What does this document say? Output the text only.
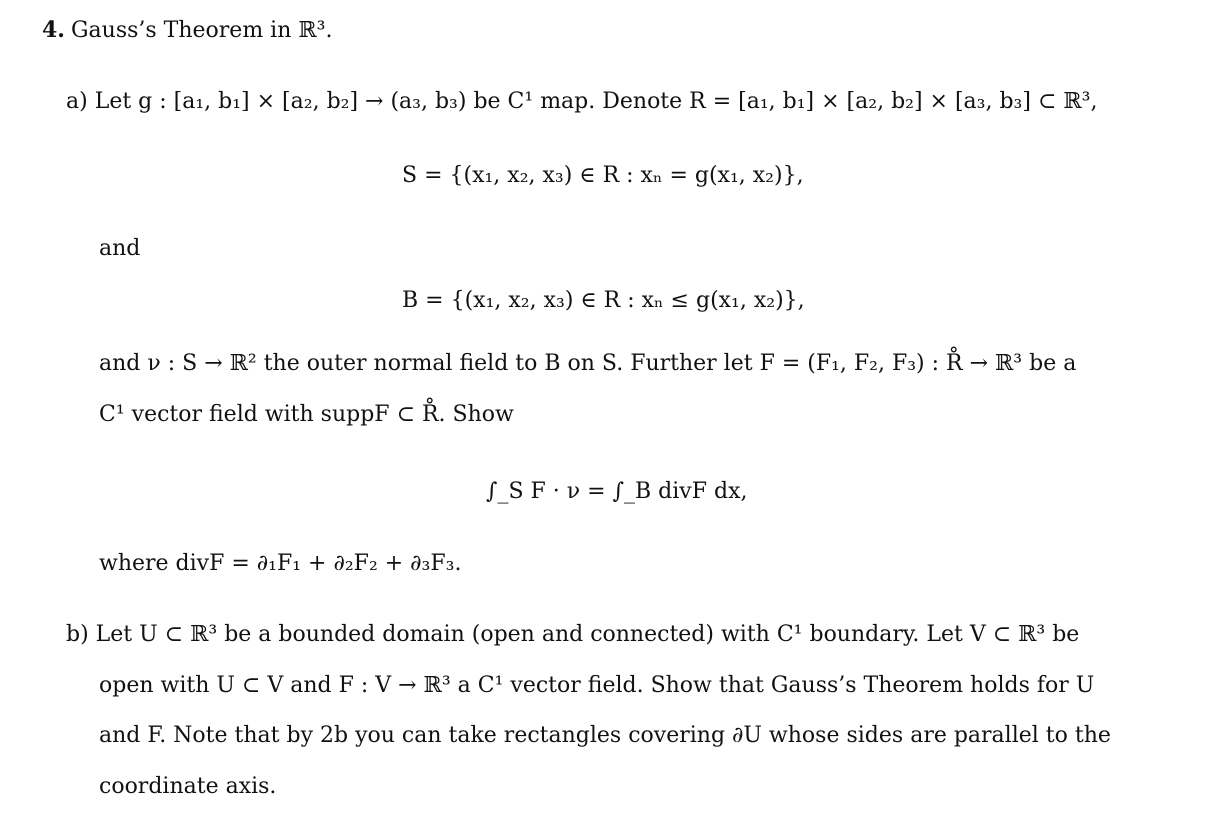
4. Gauss’s Theorem in ℝ³.
a) Let g : [a₁, b₁] × [a₂, b₂] → (a₃, b₃) be C¹ map. Denote R = [a₁, b₁] × [a₂, b₂] × [a₃, b₃] ⊂ ℝ³,
S = {(x₁, x₂, x₃) ∈ R : xₙ = g(x₁, x₂)},
and
B = {(x₁, x₂, x₃) ∈ R : xₙ ≤ g(x₁, x₂)},
and ν : S → ℝ² the outer normal field to B on S. Further let F = (F₁, F₂, F₃) : R̊ → ℝ³ be a
C¹ vector field with suppF ⊂ R̊. Show
∫_S F · ν = ∫_B divF dx,
where divF = ∂₁F₁ + ∂₂F₂ + ∂₃F₃.
b) Let U ⊂ ℝ³ be a bounded domain (open and connected) with C¹ boundary. Let V ⊂ ℝ³ be
open with U ⊂ V and F : V → ℝ³ a C¹ vector field. Show that Gauss’s Theorem holds for U
and F. Note that by 2b you can take rectangles covering ∂U whose sides are parallel to the
coordinate axis.
